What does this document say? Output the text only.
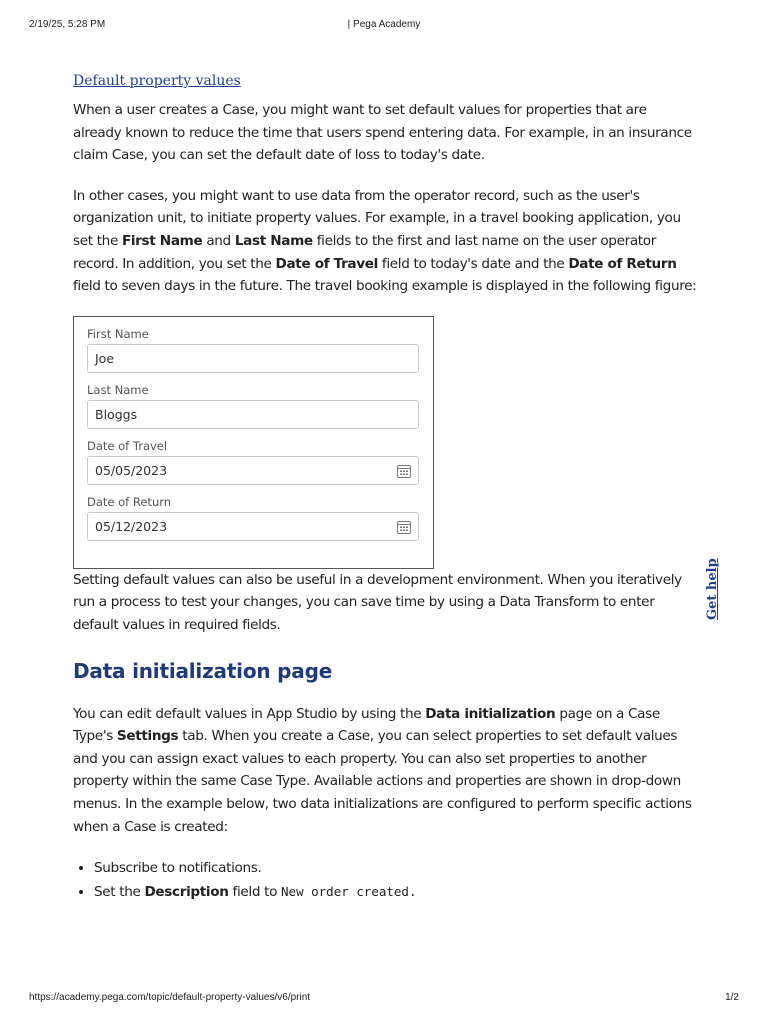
2/19/25, 5:28 PM	| Pega Academy
Default property values

When a user creates a Case, you might want to set default values for properties that are already known to reduce the time that users spend entering data. For example, in an insurance claim Case, you can set the default date of loss to today's date.

In other cases, you might want to use data from the operator record, such as the user's organization unit, to initiate property values. For example, in a travel booking application, you set the First Name and Last Name fields to the first and last name on the user operator record. In addition, you set the Date of Travel field to today's date and the Date of Return field to seven days in the future. The travel booking example is displayed in the following figure:

First Name
Joe
Last Name
Bloggs
Date of Travel
05/05/2023
Date of Return
05/12/2023

Setting default values can also be useful in a development environment. When you iteratively run a process to test your changes, you can save time by using a Data Transform to enter default values in required fields.

Data initialization page

You can edit default values in App Studio by using the Data initialization page on a Case Type's Settings tab. When you create a Case, you can select properties to set default values and you can assign exact values to each property. You can also set properties to another property within the same Case Type. Available actions and properties are shown in drop-down menus. In the example below, two data initializations are configured to perform specific actions when a Case is created:

• Subscribe to notifications.
• Set the Description field to New order created.
Get help
https://academy.pega.com/topic/default-property-values/v6/print	1/2
